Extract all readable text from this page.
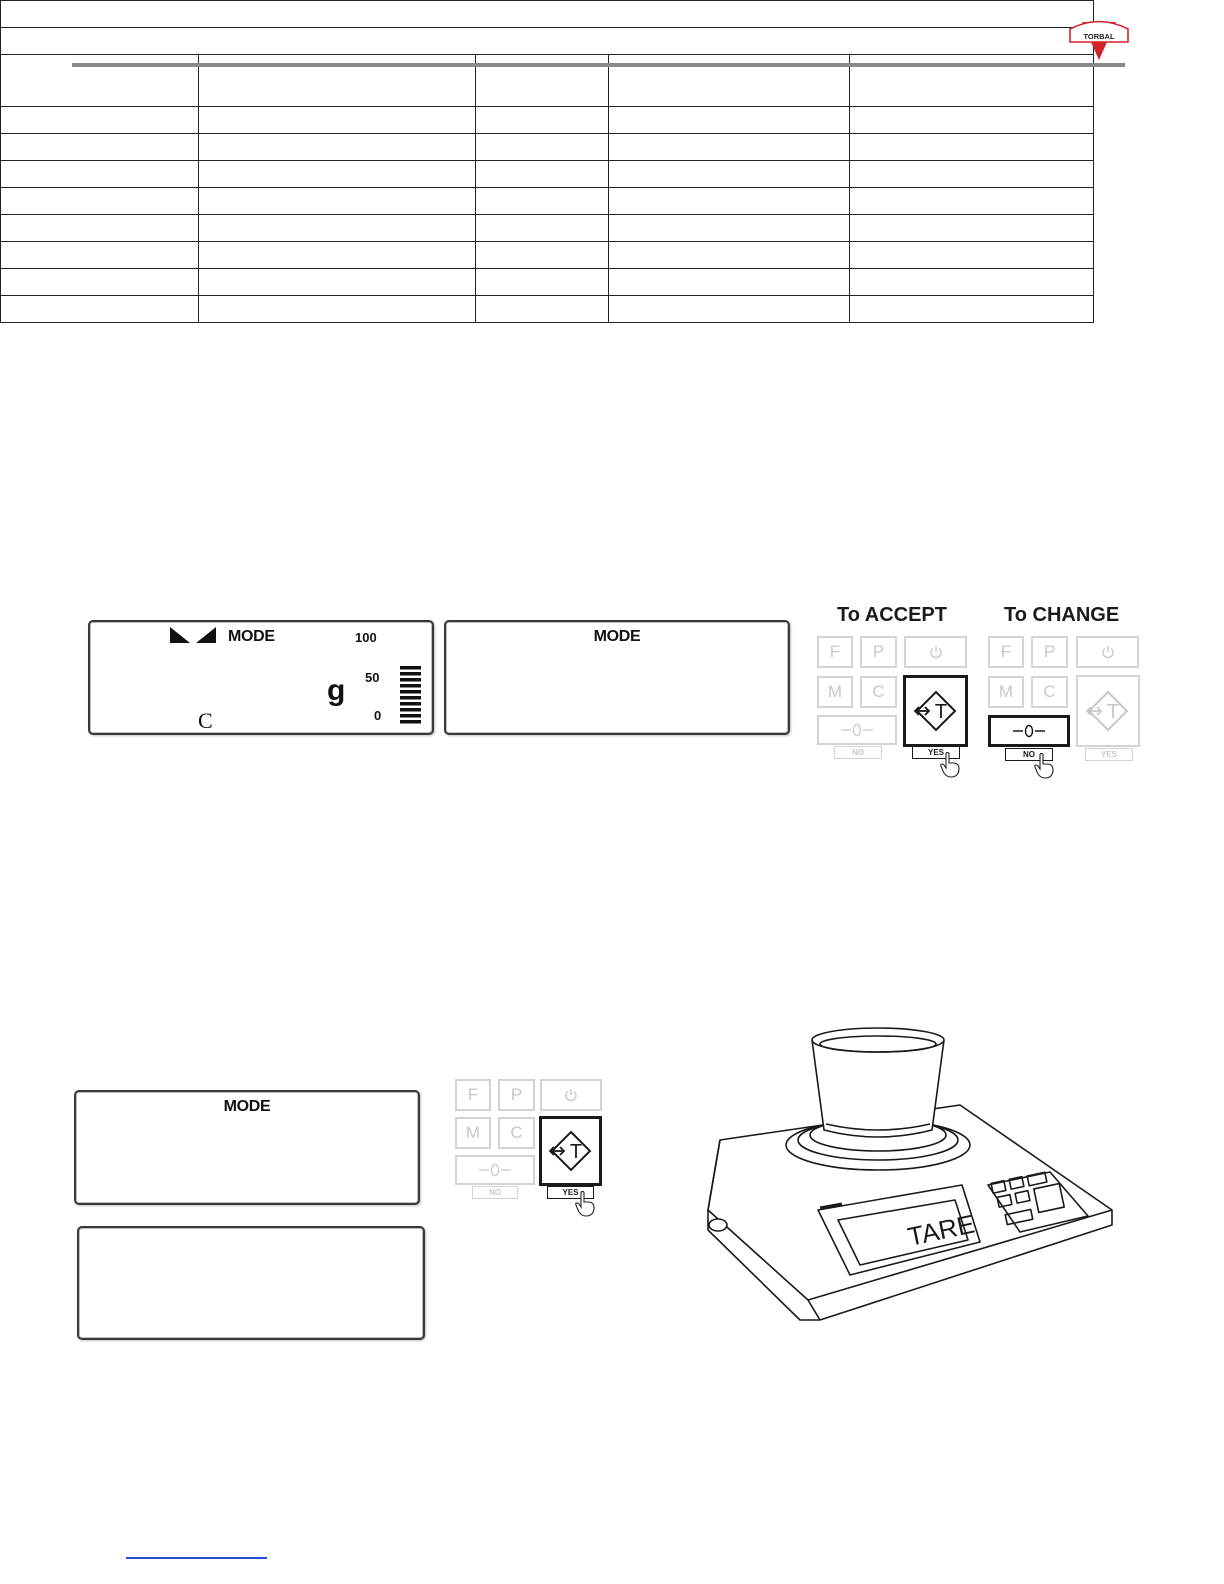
TORBAL

MODE	100
50
0
g
C
MODE
To ACCEPT
F	P
M	C
NO
T
YES
To CHANGE
F	P
M	C
NO
T
YES
MODE
F	P
M	C
NO
T
YES
TARE
